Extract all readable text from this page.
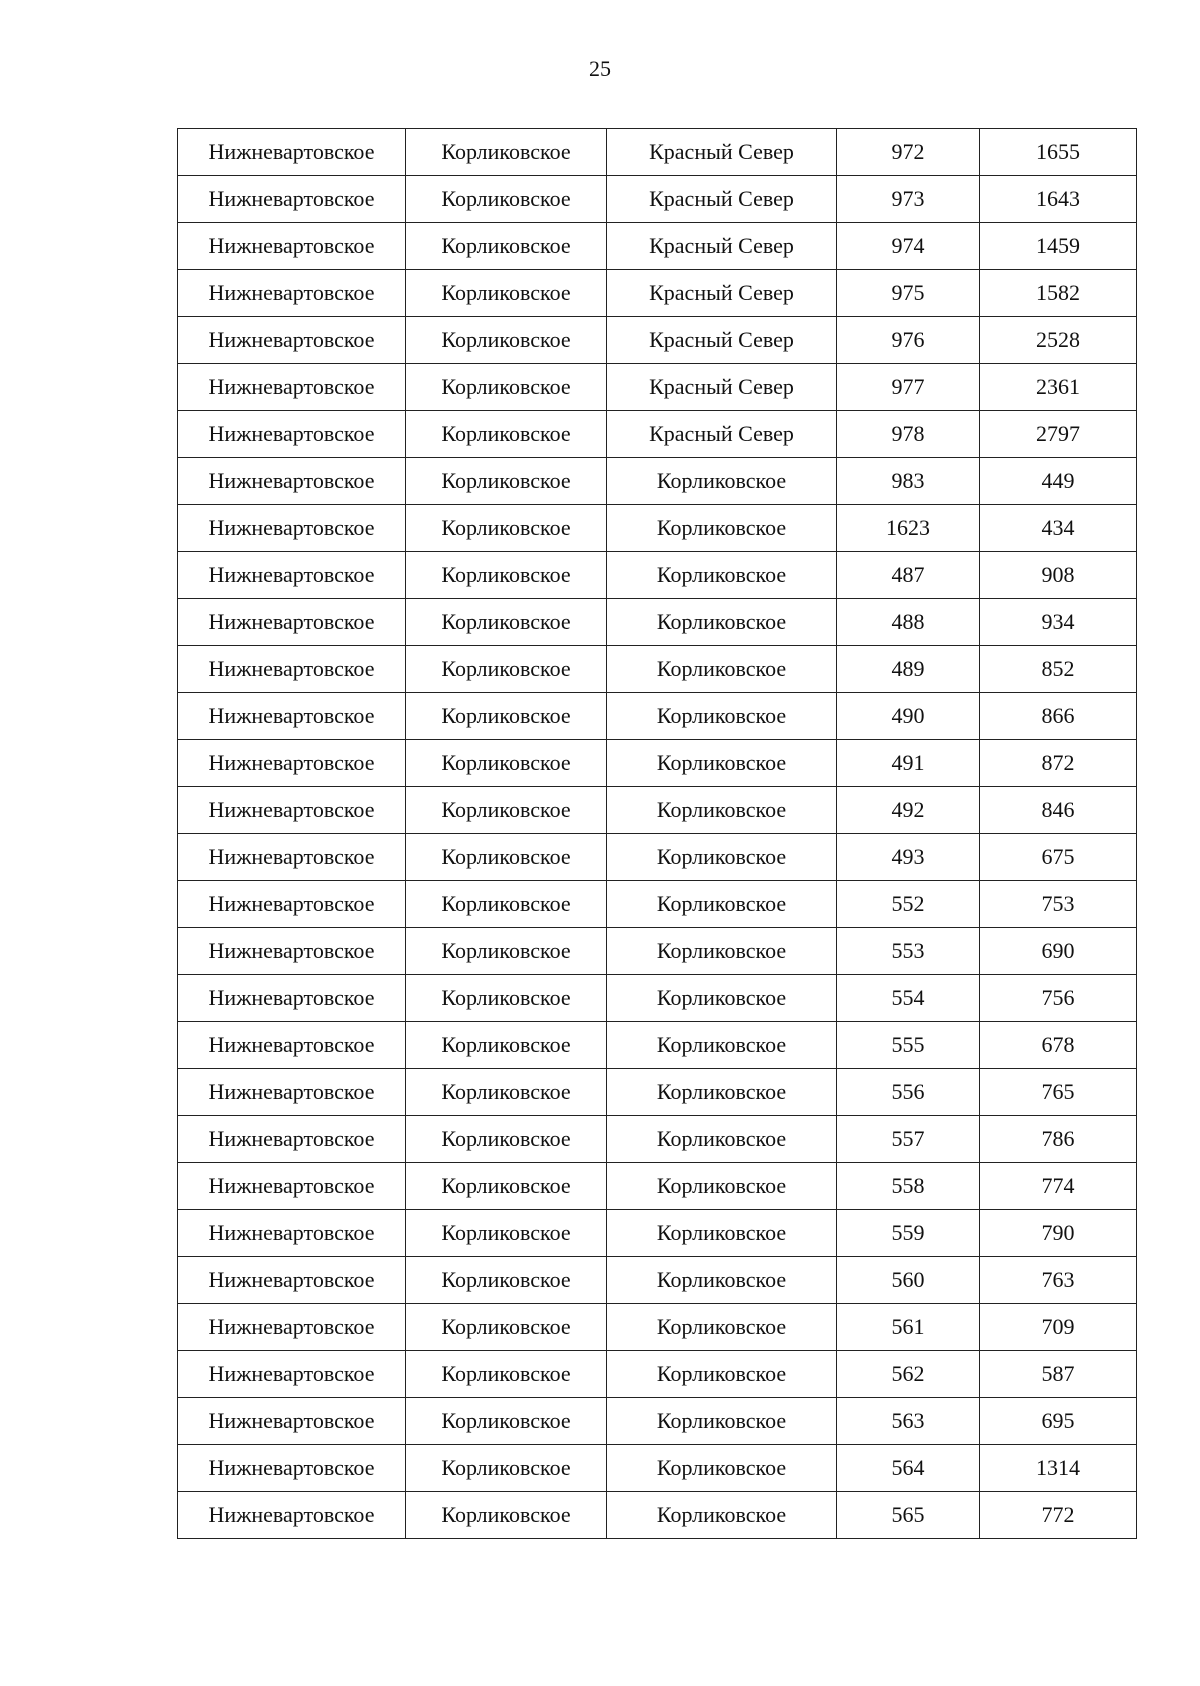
25
Нижневартовское	Корликовское	Красный Север	972	1655
Нижневартовское	Корликовское	Красный Север	973	1643
Нижневартовское	Корликовское	Красный Север	974	1459
Нижневартовское	Корликовское	Красный Север	975	1582
Нижневартовское	Корликовское	Красный Север	976	2528
Нижневартовское	Корликовское	Красный Север	977	2361
Нижневартовское	Корликовское	Красный Север	978	2797
Нижневартовское	Корликовское	Корликовское	983	449
Нижневартовское	Корликовское	Корликовское	1623	434
Нижневартовское	Корликовское	Корликовское	487	908
Нижневартовское	Корликовское	Корликовское	488	934
Нижневартовское	Корликовское	Корликовское	489	852
Нижневартовское	Корликовское	Корликовское	490	866
Нижневартовское	Корликовское	Корликовское	491	872
Нижневартовское	Корликовское	Корликовское	492	846
Нижневартовское	Корликовское	Корликовское	493	675
Нижневартовское	Корликовское	Корликовское	552	753
Нижневартовское	Корликовское	Корликовское	553	690
Нижневартовское	Корликовское	Корликовское	554	756
Нижневартовское	Корликовское	Корликовское	555	678
Нижневартовское	Корликовское	Корликовское	556	765
Нижневартовское	Корликовское	Корликовское	557	786
Нижневартовское	Корликовское	Корликовское	558	774
Нижневартовское	Корликовское	Корликовское	559	790
Нижневартовское	Корликовское	Корликовское	560	763
Нижневартовское	Корликовское	Корликовское	561	709
Нижневартовское	Корликовское	Корликовское	562	587
Нижневартовское	Корликовское	Корликовское	563	695
Нижневартовское	Корликовское	Корликовское	564	1314
Нижневартовское	Корликовское	Корликовское	565	772
